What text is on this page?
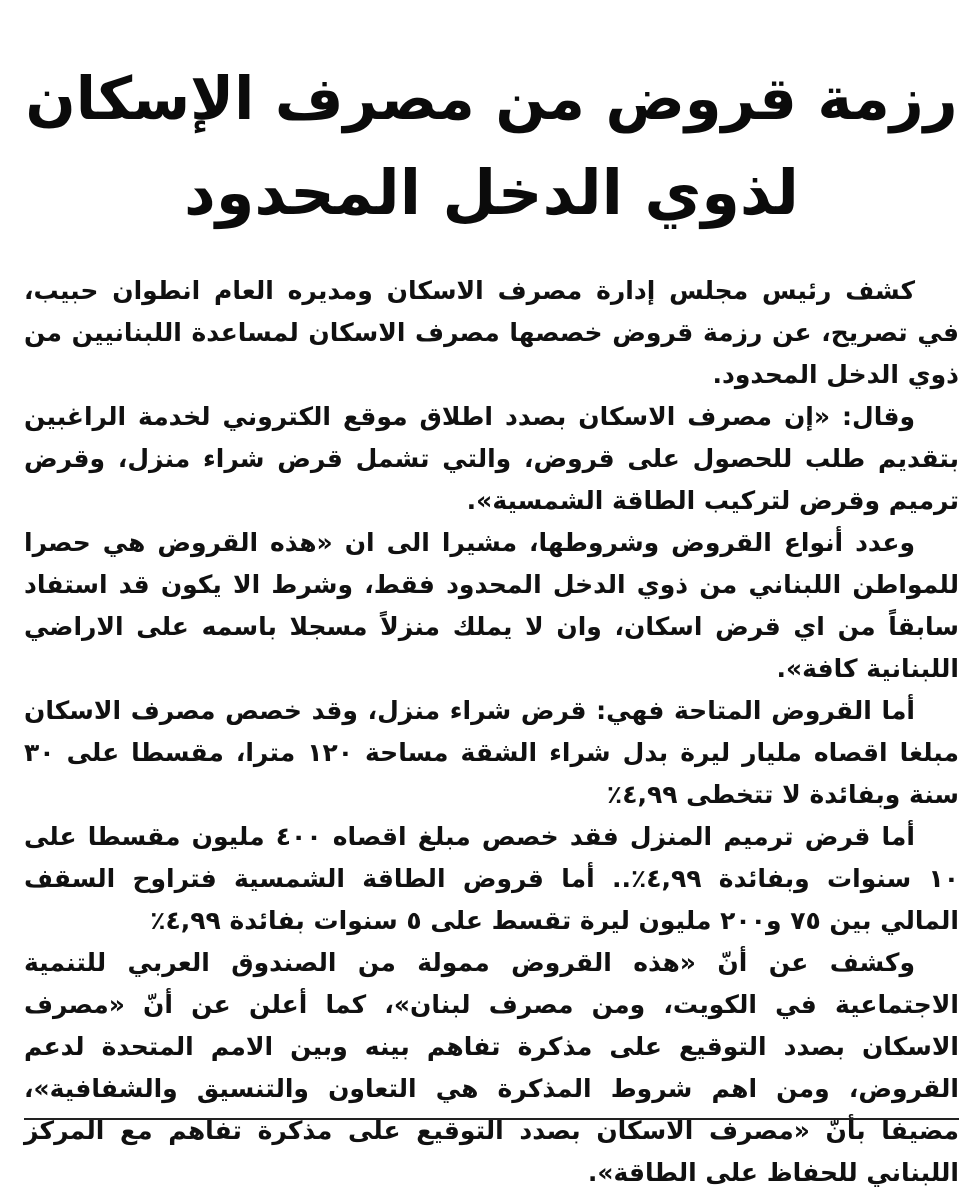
رزمة قروض من مصرف الإسكان
لذوي الدخل المحدود

كشف رئيس مجلس إدارة مصرف الاسكان ومديره العام انطوان حبيب، في تصريح، عن رزمة قروض خصصها مصرف الاسكان لمساعدة اللبنانيين من ذوي الدخل المحدود.

وقال: «إن مصرف الاسكان بصدد اطلاق موقع الكتروني لخدمة الراغبين بتقديم طلب للحصول على قروض، والتي تشمل قرض شراء منزل، وقرض ترميم وقرض لتركيب الطاقة الشمسية».

وعدد أنواع القروض وشروطها، مشيرا الى ان «هذه القروض هي حصرا للمواطن اللبناني من ذوي الدخل المحدود فقط، وشرط الا يكون قد استفاد سابقاً من اي قرض اسكان، وان لا يملك منزلاً مسجلا باسمه على الاراضي اللبنانية كافة».

أما القروض المتاحة فهي: قرض شراء منزل، وقد خصص مصرف الاسكان مبلغا اقصاه مليار ليرة بدل شراء الشقة مساحة ١٢٠ مترا، مقسطا على ٣٠ سنة وبفائدة لا تتخطى ٤,٩٩٪

أما قرض ترميم المنزل فقد خصص مبلغ اقصاه ٤٠٠ مليون مقسطا على ١٠ سنوات وبفائدة ٤,٩٩٪.. أما قروض الطاقة الشمسية فتراوح السقف المالي بين ٧٥ و٢٠٠ مليون ليرة تقسط على ٥ سنوات بفائدة ٤,٩٩٪

وكشف عن أنّ «هذه القروض ممولة من الصندوق العربي للتنمية الاجتماعية في الكويت، ومن مصرف لبنان»، كما أعلن عن أنّ «مصرف الاسكان بصدد التوقيع على مذكرة تفاهم بينه وبين الامم المتحدة لدعم القروض، ومن اهم شروط المذكرة هي التعاون والتنسيق والشفافية»، مضيفا بأنّ «مصرف الاسكان بصدد التوقيع على مذكرة تفاهم مع المركز اللبناني للحفاظ على الطاقة».
